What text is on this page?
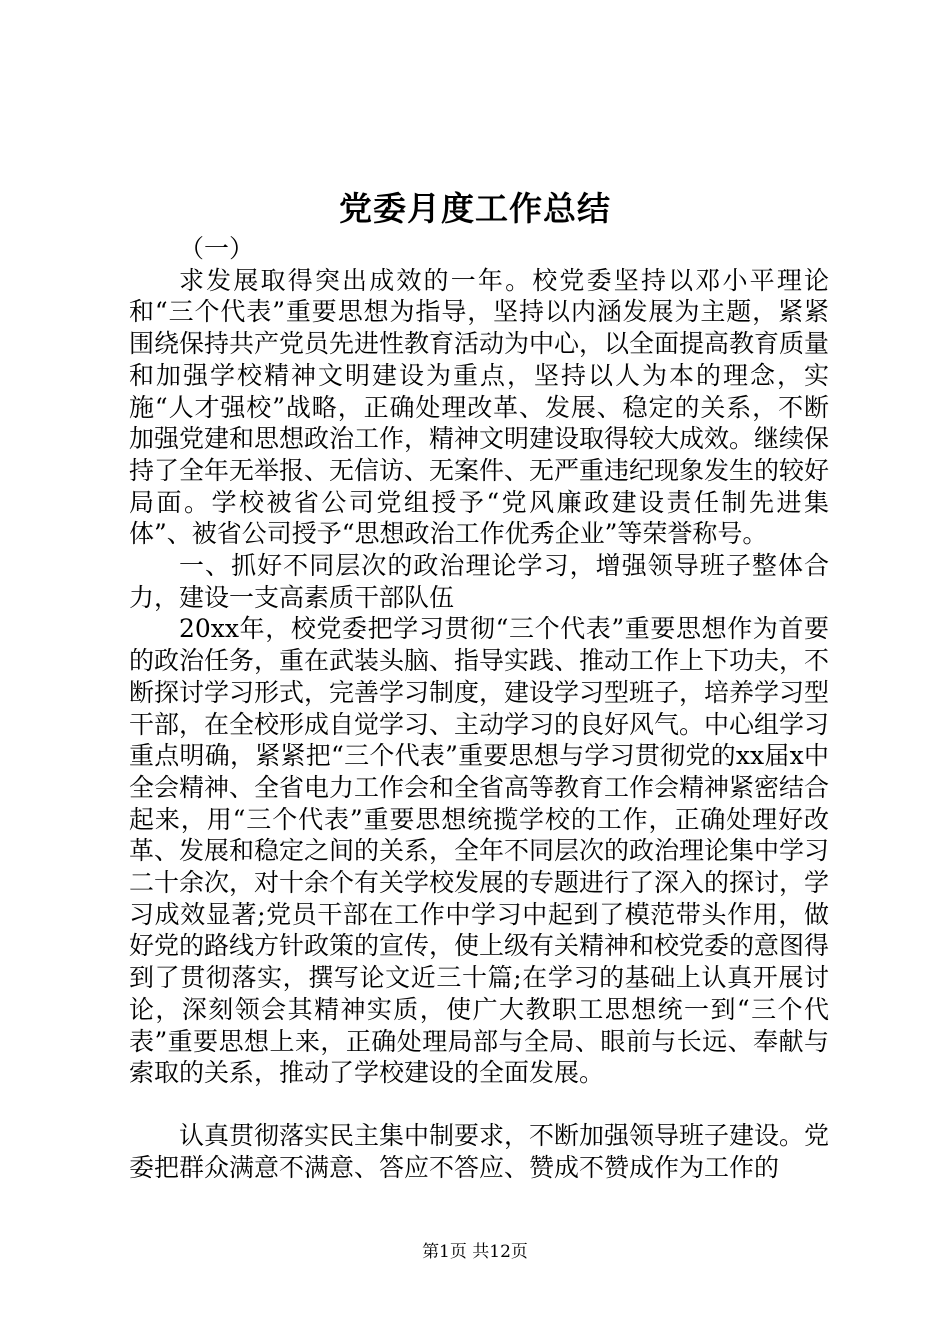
党委月度工作总结

（一）

求发展取得突出成效的一年。校党委坚持以邓小平理论和“三个代表”重要思想为指导，坚持以内涵发展为主题，紧紧围绕保持共产党员先进性教育活动为中心，以全面提高教育质量和加强学校精神文明建设为重点，坚持以人为本的理念，实施“人才强校”战略，正确处理改革、发展、稳定的关系，不断加强党建和思想政治工作，精神文明建设取得较大成效。继续保持了全年无举报、无信访、无案件、无严重违纪现象发生的较好局面。学校被省公司党组授予“党风廉政建设责任制先进集体”、被省公司授予“思想政治工作优秀企业”等荣誉称号。

一、抓好不同层次的政治理论学习，增强领导班子整体合力，建设一支高素质干部队伍

20xx年，校党委把学习贯彻“三个代表”重要思想作为首要的政治任务，重在武装头脑、指导实践、推动工作上下功夫，不断探讨学习形式，完善学习制度，建设学习型班子，培养学习型干部，在全校形成自觉学习、主动学习的良好风气。中心组学习重点明确，紧紧把“三个代表”重要思想与学习贯彻党的xx届x中全会精神、全省电力工作会和全省高等教育工作会精神紧密结合起来，用“三个代表”重要思想统揽学校的工作，正确处理好改革、发展和稳定之间的关系，全年不同层次的政治理论集中学习二十余次，对十余个有关学校发展的专题进行了深入的探讨，学习成效显著;党员干部在工作中学习中起到了模范带头作用，做好党的路线方针政策的宣传，使上级有关精神和校党委的意图得到了贯彻落实，撰写论文近三十篇;在学习的基础上认真开展讨论，深刻领会其精神实质，使广大教职工思想统一到“三个代表”重要思想上来，正确处理局部与全局、眼前与长远、奉献与索取的关系，推动了学校建设的全面发展。

认真贯彻落实民主集中制要求，不断加强领导班子建设。党委把群众满意不满意、答应不答应、赞成不赞成作为工作的

第1页 共12页
